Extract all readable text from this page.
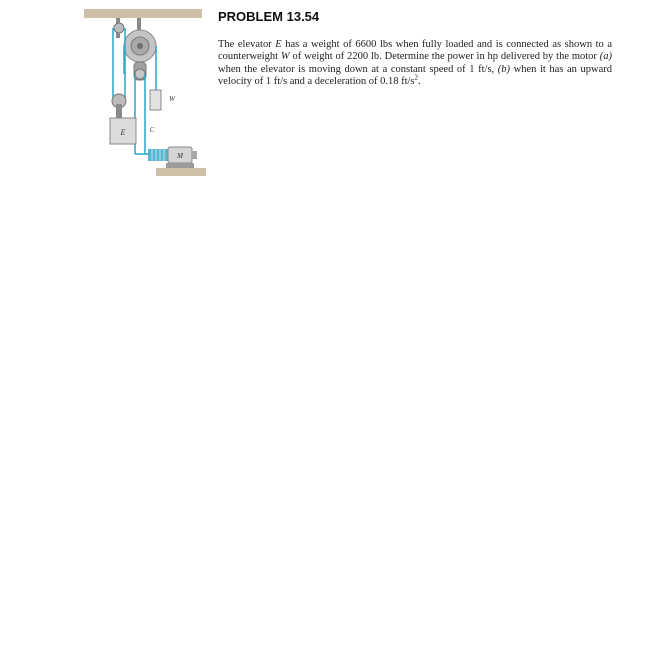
E
W
C
M
PROBLEM 13.54

The elevator E has a weight of 6600 lbs when fully loaded and is connected as shown to a counterweight W of weight of 2200 lb. Determine the power in hp delivered by the motor (a) when the elevator is moving down at a constant speed of 1 ft/s, (b) when it has an upward velocity of 1 ft/s and a deceleration of 0.18 $ft/s^2$.
